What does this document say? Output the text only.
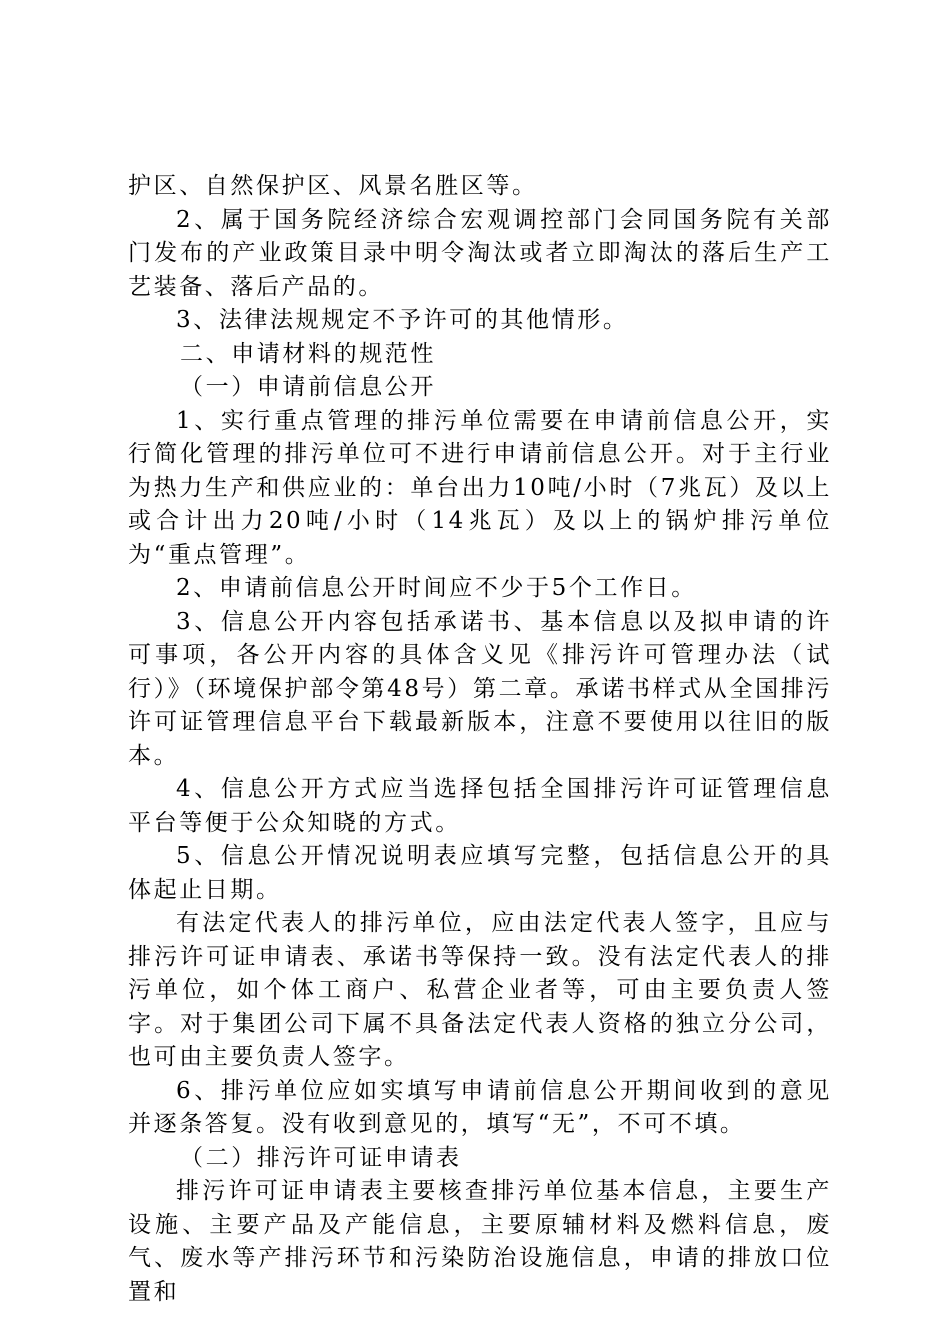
护区、自然保护区、风景名胜区等。

2、属于国务院经济综合宏观调控部门会同国务院有关部门发布的产业政策目录中明令淘汰或者立即淘汰的落后生产工艺装备、落后产品的。

3、法律法规规定不予许可的其他情形。

二、申请材料的规范性

（一）申请前信息公开

1、实行重点管理的排污单位需要在申请前信息公开，实行简化管理的排污单位可不进行申请前信息公开。对于主行业为热力生产和供应业的：单台出力10吨/小时（7兆瓦）及以上或合计出力20吨/小时（14兆瓦）及以上的锅炉排污单位为“重点管理”。

2、申请前信息公开时间应不少于5个工作日。

3、信息公开内容包括承诺书、基本信息以及拟申请的许可事项，各公开内容的具体含义见《排污许可管理办法（试行）》（环境保护部令第48号）第二章。承诺书样式从全国排污许可证管理信息平台下载最新版本，注意不要使用以往旧的版本。

4、信息公开方式应当选择包括全国排污许可证管理信息平台等便于公众知晓的方式。

5、信息公开情况说明表应填写完整，包括信息公开的具体起止日期。

有法定代表人的排污单位，应由法定代表人签字，且应与排污许可证申请表、承诺书等保持一致。没有法定代表人的排污单位，如个体工商户、私营企业者等，可由主要负责人签字。对于集团公司下属不具备法定代表人资格的独立分公司，也可由主要负责人签字。

6、排污单位应如实填写申请前信息公开期间收到的意见并逐条答复。没有收到意见的，填写“无”，不可不填。

（二）排污许可证申请表

排污许可证申请表主要核查排污单位基本信息，主要生产设施、主要产品及产能信息，主要原辅材料及燃料信息，废气、废水等产排污环节和污染防治设施信息，申请的排放口位置和
